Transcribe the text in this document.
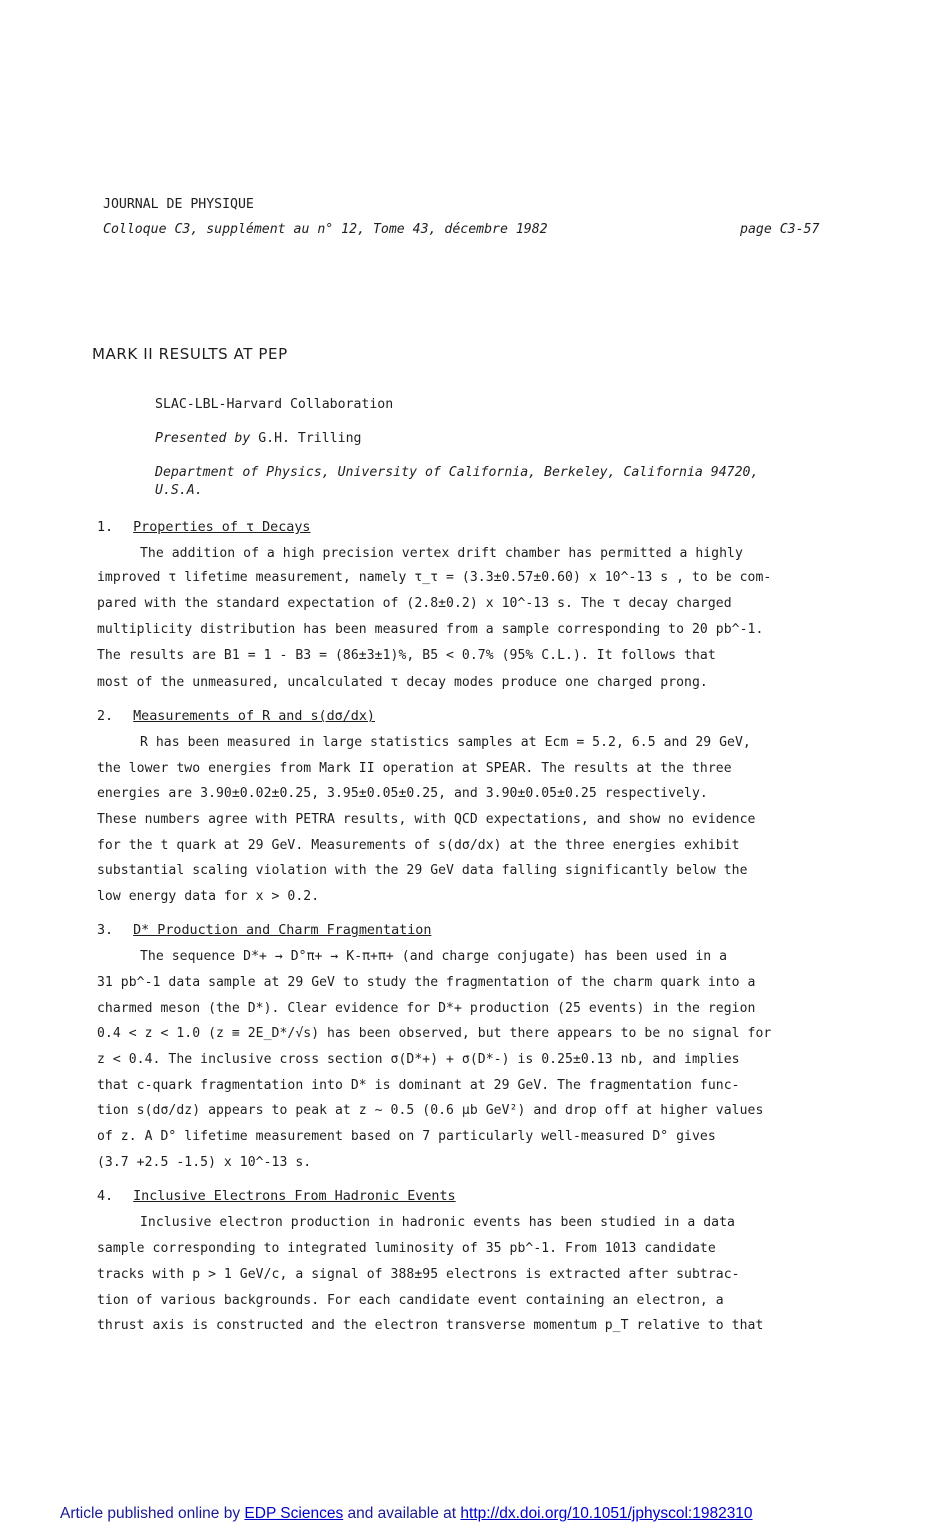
JOURNAL DE PHYSIQUE
Colloque C3, supplément au n° 12, Tome 43, décembre 1982	page C3-57
MARK II RESULTS AT PEP
SLAC-LBL-Harvard Collaboration
Presented by G.H. Trilling
Department of Physics, University of California, Berkeley, California 94720,
U.S.A.
1. Properties of τ Decays
The addition of a high precision vertex drift chamber has permitted a highly
improved τ lifetime measurement, namely τ_τ = (3.3±0.57±0.60) x 10^-13 s , to be com-
pared with the standard expectation of (2.8±0.2) x 10^-13 s. The τ decay charged
multiplicity distribution has been measured from a sample corresponding to 20 pb^-1.
The results are B1 = 1 - B3 = (86±3±1)%, B5 < 0.7% (95% C.L.). It follows that
most of the unmeasured, uncalculated τ decay modes produce one charged prong.
2. Measurements of R and s(dσ/dx)
R has been measured in large statistics samples at Ecm = 5.2, 6.5 and 29 GeV,
the lower two energies from Mark II operation at SPEAR. The results at the three
energies are 3.90±0.02±0.25, 3.95±0.05±0.25, and 3.90±0.05±0.25 respectively.
These numbers agree with PETRA results, with QCD expectations, and show no evidence
for the t quark at 29 GeV. Measurements of s(dσ/dx) at the three energies exhibit
substantial scaling violation with the 29 GeV data falling significantly below the
low energy data for x > 0.2.
3. D* Production and Charm Fragmentation
The sequence D*+ → D°π+ → K-π+π+ (and charge conjugate) has been used in a
31 pb^-1 data sample at 29 GeV to study the fragmentation of the charm quark into a
charmed meson (the D*). Clear evidence for D*+ production (25 events) in the region
0.4 < z < 1.0 (z ≡ 2E_D*/√s) has been observed, but there appears to be no signal for
z < 0.4. The inclusive cross section σ(D*+) + σ(D*-) is 0.25±0.13 nb, and implies
that c-quark fragmentation into D* is dominant at 29 GeV. The fragmentation func-
tion s(dσ/dz) appears to peak at z ~ 0.5 (0.6 μb GeV²) and drop off at higher values
of z. A D° lifetime measurement based on 7 particularly well-measured D° gives
(3.7 +2.5 -1.5) x 10^-13 s.
4. Inclusive Electrons From Hadronic Events
Inclusive electron production in hadronic events has been studied in a data
sample corresponding to integrated luminosity of 35 pb^-1. From 1013 candidate
tracks with p > 1 GeV/c, a signal of 388±95 electrons is extracted after subtrac-
tion of various backgrounds. For each candidate event containing an electron, a
thrust axis is constructed and the electron transverse momentum p_T relative to that
Article published online by EDP Sciences and available at http://dx.doi.org/10.1051/jphyscol:1982310
